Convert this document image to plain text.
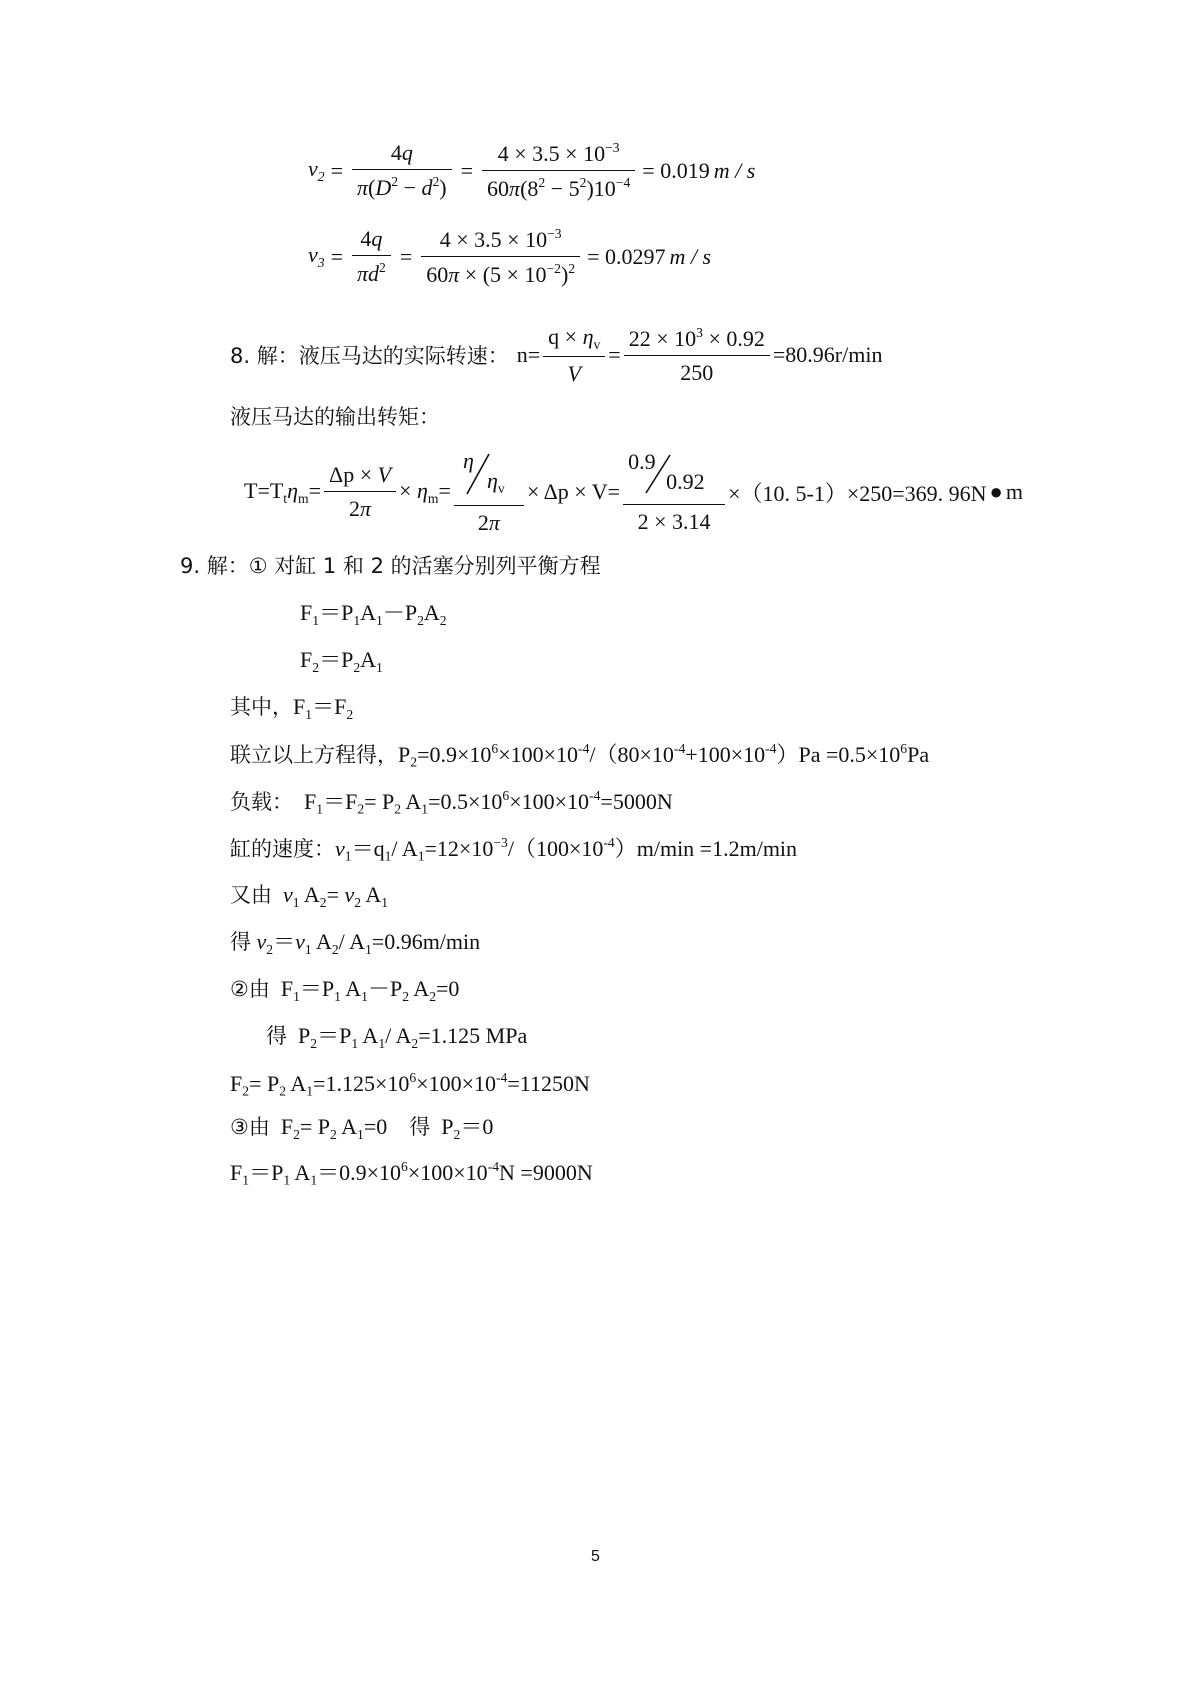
$v_2 = \frac{4q}{\pi(D^2 - d^2)} = \frac{4 \times 3.5 \times 10^{-3}}{60\pi(8^2 - 5^2)10^{-4}} = 0.019$ m / s
$v_3 = \frac{4q}{\pi d^2} = \frac{4 \times 3.5 \times 10^{-3}}{60\pi \times (5 \times 10^{-2})^2} = 0.0297$ m / s
8. 解：液压马达的实际转速： $n= \frac{q \times \eta_v}{V} = \frac{22 \times 10^3 \times 0.92}{250} =80.96r/\min$
液压马达的输出转矩：
$T=T_t\eta_m= \frac{\Delta p \times V}{2\pi} \times \eta_m= \eta$
$\eta_v$
2π × Δp × V= 0.9
0.92
2 × 3.14 ×（10. 5-1）×250=369. 96N ● m
9. 解：① 对缸 1 和 2 的活塞分别列平衡方程
$F_1=P_1A_1-P_2A_2$
$F_2=P_2A_1$
其中，$F_1=F_2$
联立以上方程得，$P_2=0.9\times 10^6\times 100\times 10^{-4}/(80\times 10^{-4}+100\times 10^{-4})Pa =0.5\times 10^6Pa$
负载：  $F_1=F_2= P_2$ $A_1=0.5\times 10^6\times 100\times 10^{-4}=5000N$
缸的速度：$v_1=q_1/$ $A_1=12\times 10^{-3}/(100\times 10^{-4})m/\min =1.2m/\min$
又由 $v_1$ $A_2= v_2$ $A_1$
得 $v_2=v_1$ $A_2/$ $A_1=0.96m/\min$
②由  $F_1=P_1$ $A_1-P_2$ $A_2=0$
得  $P_2=P_1$ $A_1/$ $A_2=1.125$ MPa
$F_2= P_2$ $A_1=1.125\times 10^6\times 100\times 10^{-4}=11250N$
③由  $F_2= P_2$ $A_1=0$    得  $P_2=0$
$F_1=P_1$ $A_1=0.9\times 10^6\times 100\times 10^{-4}N =9000N$
5
